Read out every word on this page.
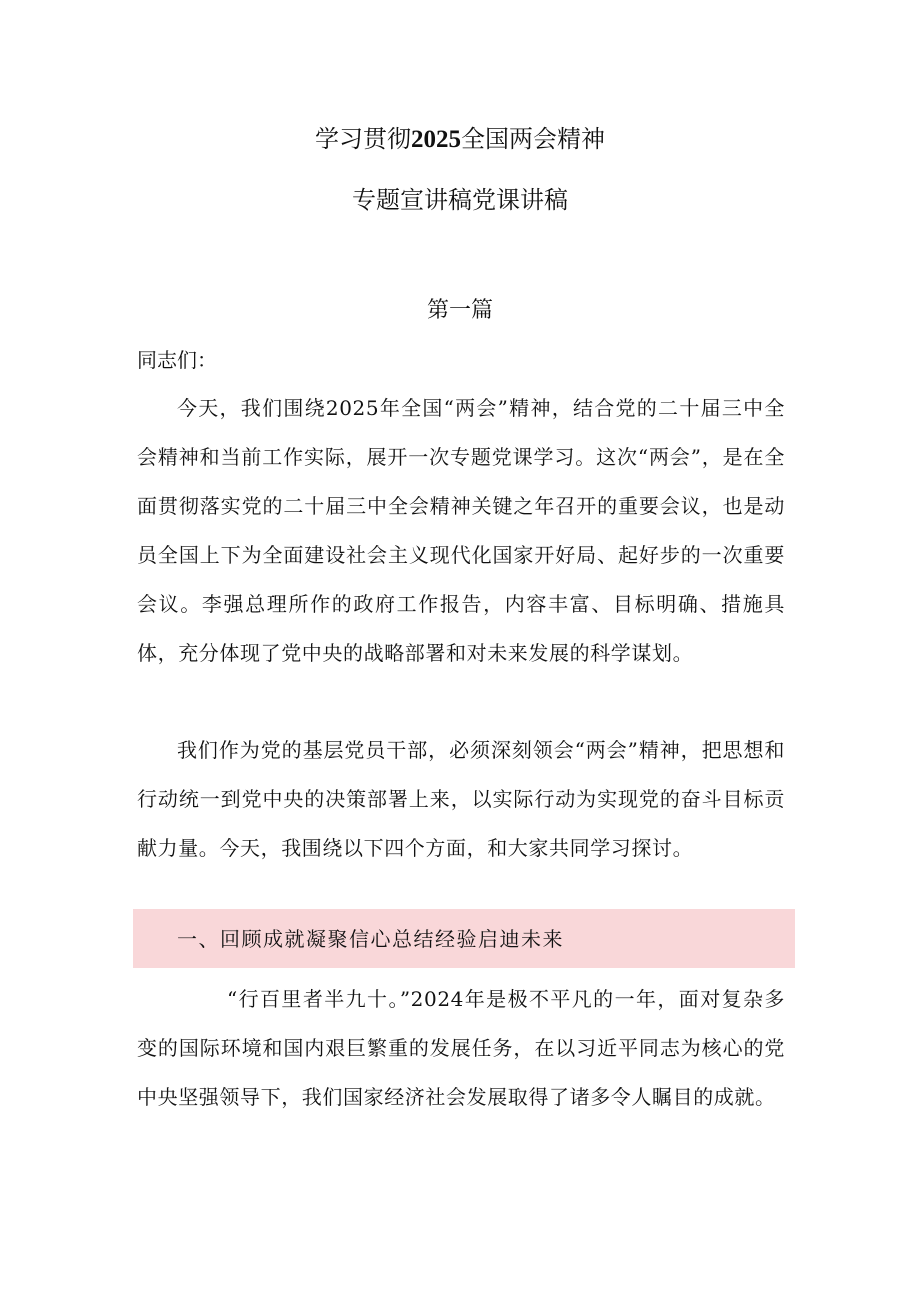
学习贯彻2025全国两会精神
专题宣讲稿党课讲稿
第一篇

同志们：

今天，我们围绕2025年全国“两会”精神，结合党的二十届三中全会精神和当前工作实际，展开一次专题党课学习。这次“两会”，是在全面贯彻落实党的二十届三中全会精神关键之年召开的重要会议，也是动员全国上下为全面建设社会主义现代化国家开好局、起好步的一次重要会议。李强总理所作的政府工作报告，内容丰富、目标明确、措施具体，充分体现了党中央的战略部署和对未来发展的科学谋划。

我们作为党的基层党员干部，必须深刻领会“两会”精神，把思想和行动统一到党中央的决策部署上来，以实际行动为实现党的奋斗目标贡献力量。今天，我围绕以下四个方面，和大家共同学习探讨。

一、回顾成就凝聚信心总结经验启迪未来

“行百里者半九十。”2024年是极不平凡的一年，面对复杂多变的国际环境和国内艰巨繁重的发展任务，在以习近平同志为核心的党中央坚强领导下，我们国家经济社会发展取得了诸多令人瞩目的成就。
